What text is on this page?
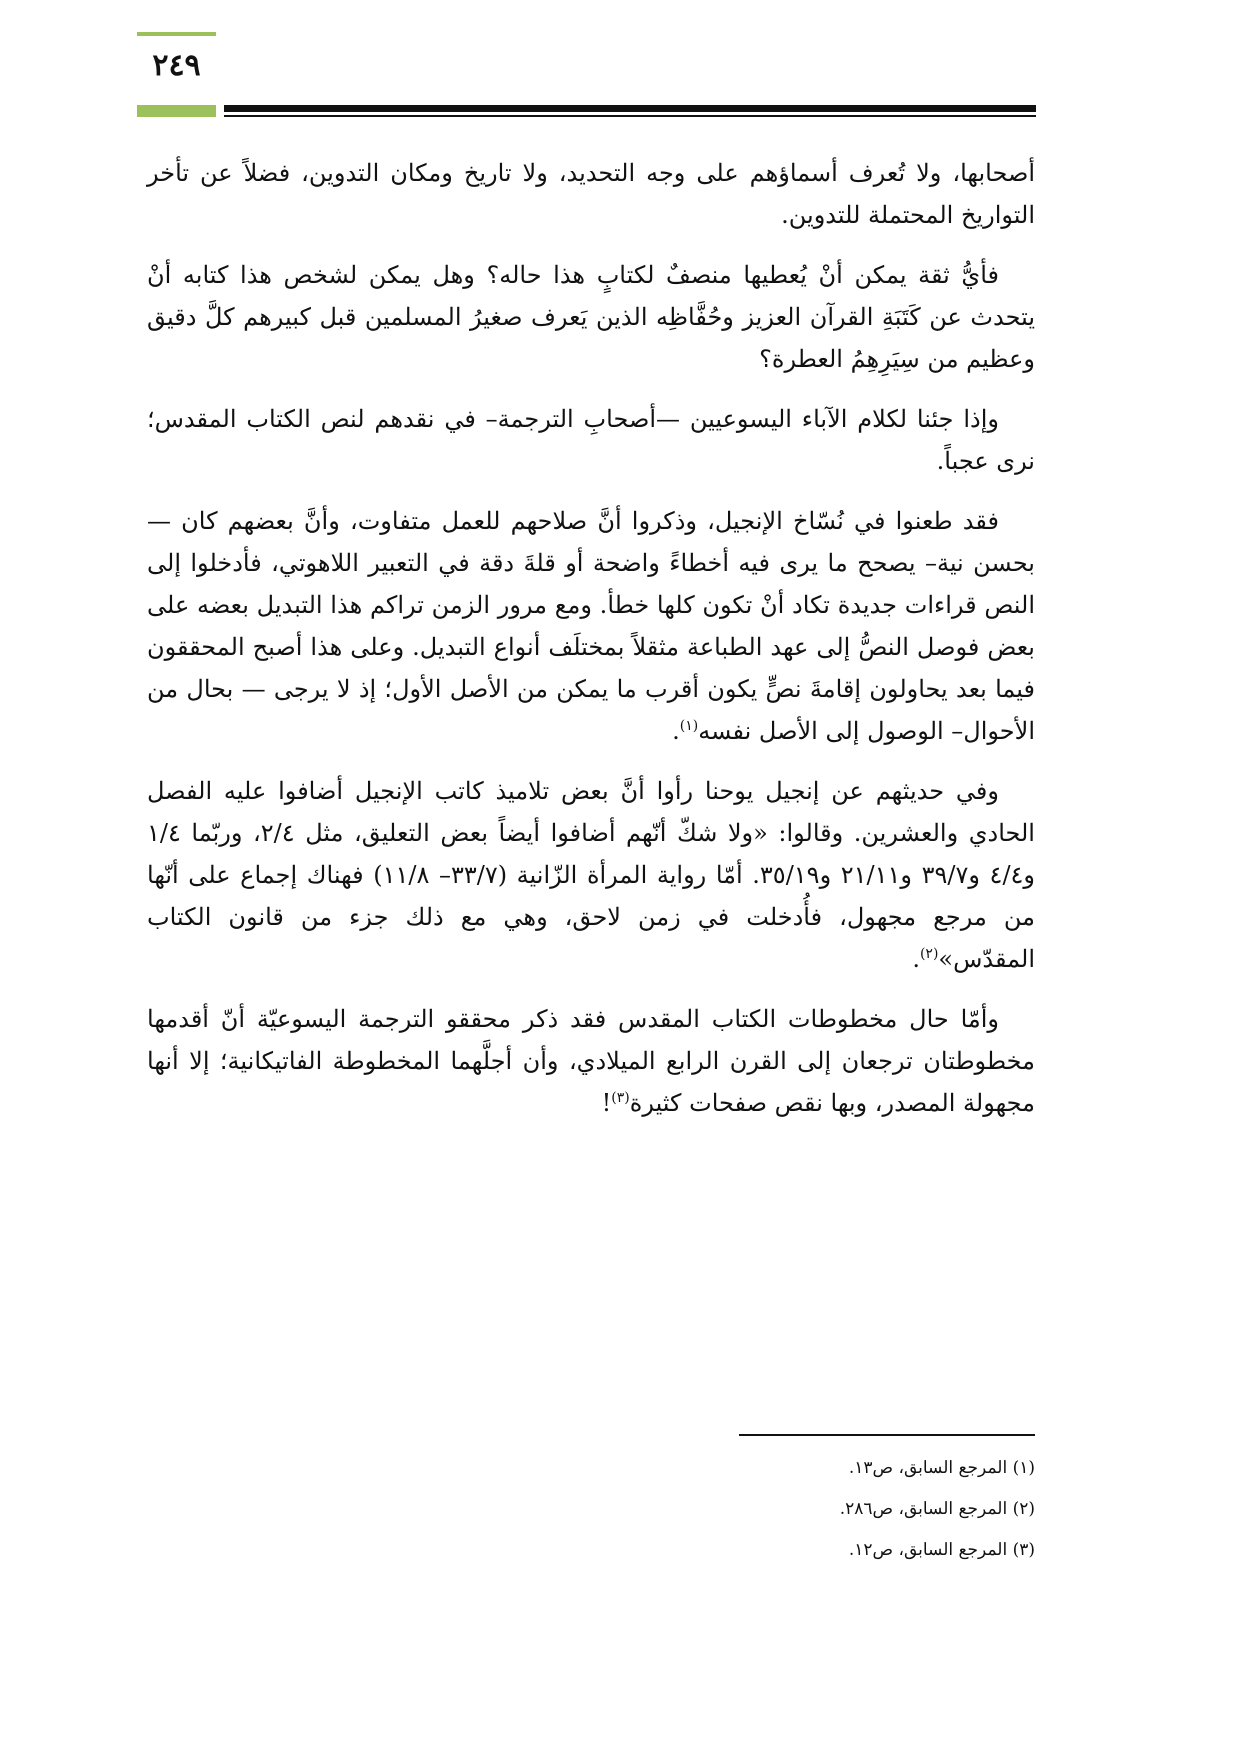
٢٤٩

أصحابها، ولا تُعرف أسماؤهم على وجه التحديد، ولا تاريخ ومكان التدوين، فضلاً عن تأخر التواريخ المحتملة للتدوين.

فأيُّ ثقة يمكن أنْ يُعطيها منصفٌ لكتابٍ هذا حاله؟ وهل يمكن لشخص هذا كتابه أنْ يتحدث عن كَتَبَةِ القرآن العزيز وحُفَّاظِه الذين يَعرف صغيرُ المسلمين قبل كبيرهم كلَّ دقيق وعظيم من سِيَرِهِمُ العطرة؟

وإذا جئنا لكلام الآباء اليسوعيين —أصحابِ الترجمة– في نقدهم لنص الكتاب المقدس؛ نرى عجباً.

فقد طعنوا في نُسّاخ الإنجيل، وذكروا أنَّ صلاحهم للعمل متفاوت، وأنَّ بعضهم كان —بحسن نية– يصحح ما يرى فيه أخطاءً واضحة أو قلةَ دقة في التعبير اللاهوتي، فأدخلوا إلى النص قراءات جديدة تكاد أنْ تكون كلها خطأ. ومع مرور الزمن تراكم هذا التبديل بعضه على بعض فوصل النصُّ إلى عهد الطباعة مثقلاً بمختلَف أنواع التبديل. وعلى هذا أصبح المحققون فيما بعد يحاولون إقامةَ نصٍّ يكون أقرب ما يمكن من الأصل الأول؛ إذ لا يرجى — بحال من الأحوال– الوصول إلى الأصل نفسه$^{(١)}$.

وفي حديثهم عن إنجيل يوحنا رأوا أنَّ بعض تلاميذ كاتب الإنجيل أضافوا عليه الفصل الحادي والعشرين. وقالوا: «ولا شكّ أنّهم أضافوا أيضاً بعض التعليق، مثل ٢/٤، وربّما ١/٤ و٤/٤ و٣٩/٧ و٢١/١١ و٣٥/١٩. أمّا رواية المرأة الزّانية (٣٣/٧– ١١/٨) فهناك إجماع على أنّها من مرجع مجهول، فأُدخلت في زمن لاحق، وهي مع ذلك جزء من قانون الكتاب المقدّس»$^{(٢)}$.

وأمّا حال مخطوطات الكتاب المقدس فقد ذكر محققو الترجمة اليسوعيّة أنّ أقدمها مخطوطتان ترجعان إلى القرن الرابع الميلادي، وأن أجلَّهما المخطوطة الفاتيكانية؛ إلا أنها مجهولة المصدر، وبها نقص صفحات كثيرة$^{(٣)}$!

(١) المرجع السابق، ص١٣.
(٢) المرجع السابق، ص٢٨٦.
(٣) المرجع السابق، ص١٢.
